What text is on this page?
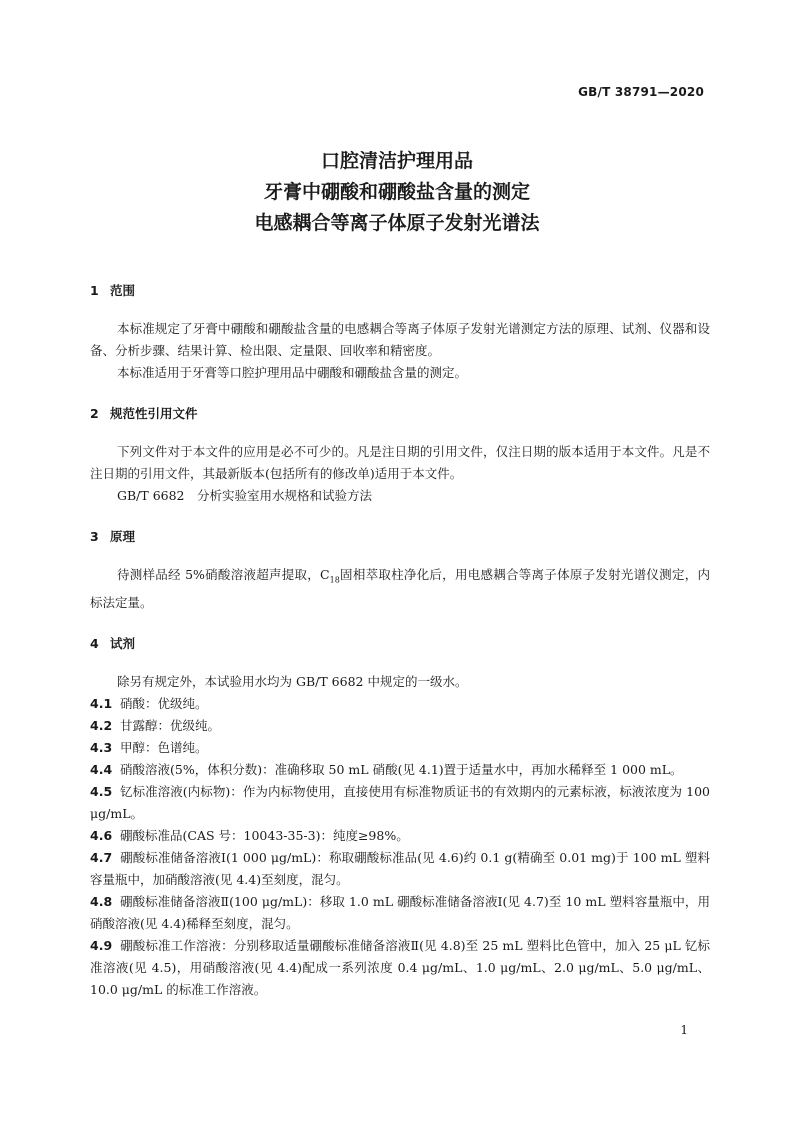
GB/T 38791—2020
口腔清洁护理用品
牙膏中硼酸和硼酸盐含量的测定
电感耦合等离子体原子发射光谱法
1 范围
本标准规定了牙膏中硼酸和硼酸盐含量的电感耦合等离子体原子发射光谱测定方法的原理、试剂、仪器和设备、分析步骤、结果计算、检出限、定量限、回收率和精密度。
本标准适用于牙膏等口腔护理用品中硼酸和硼酸盐含量的测定。
2 规范性引用文件
下列文件对于本文件的应用是必不可少的。凡是注日期的引用文件，仅注日期的版本适用于本文件。凡是不注日期的引用文件，其最新版本(包括所有的修改单)适用于本文件。
GB/T 6682　分析实验室用水规格和试验方法
3 原理
待测样品经 5%硝酸溶液超声提取，$C_{18}$固相萃取柱净化后，用电感耦合等离子体原子发射光谱仪测定，内标法定量。
4 试剂
除另有规定外，本试验用水均为 GB/T 6682 中规定的一级水。
4.1 硝酸：优级纯。
4.2 甘露醇：优级纯。
4.3 甲醇：色谱纯。
4.4 硝酸溶液(5%，体积分数)：准确移取 50 mL 硝酸(见 4.1)置于适量水中，再加水稀释至 1 000 mL。
4.5 钇标准溶液(内标物)：作为内标物使用，直接使用有标准物质证书的有效期内的元素标液，标液浓度为 100 μg/mL。
4.6 硼酸标准品(CAS 号：10043-35-3)：纯度≥98%。
4.7 硼酸标准储备溶液Ⅰ(1 000 μg/mL)：称取硼酸标准品(见 4.6)约 0.1 g(精确至 0.01 mg)于 100 mL 塑料容量瓶中，加硝酸溶液(见 4.4)至刻度，混匀。
4.8 硼酸标准储备溶液Ⅱ(100 μg/mL)：移取 1.0 mL 硼酸标准储备溶液Ⅰ(见 4.7)至 10 mL 塑料容量瓶中，用硝酸溶液(见 4.4)稀释至刻度，混匀。
4.9 硼酸标准工作溶液：分别移取适量硼酸标准储备溶液Ⅱ(见 4.8)至 25 mL 塑料比色管中，加入 25 μL 钇标准溶液(见 4.5)，用硝酸溶液(见 4.4)配成一系列浓度 0.4 μg/mL、1.0 μg/mL、2.0 μg/mL、5.0 μg/mL、10.0 μg/mL 的标准工作溶液。
1
